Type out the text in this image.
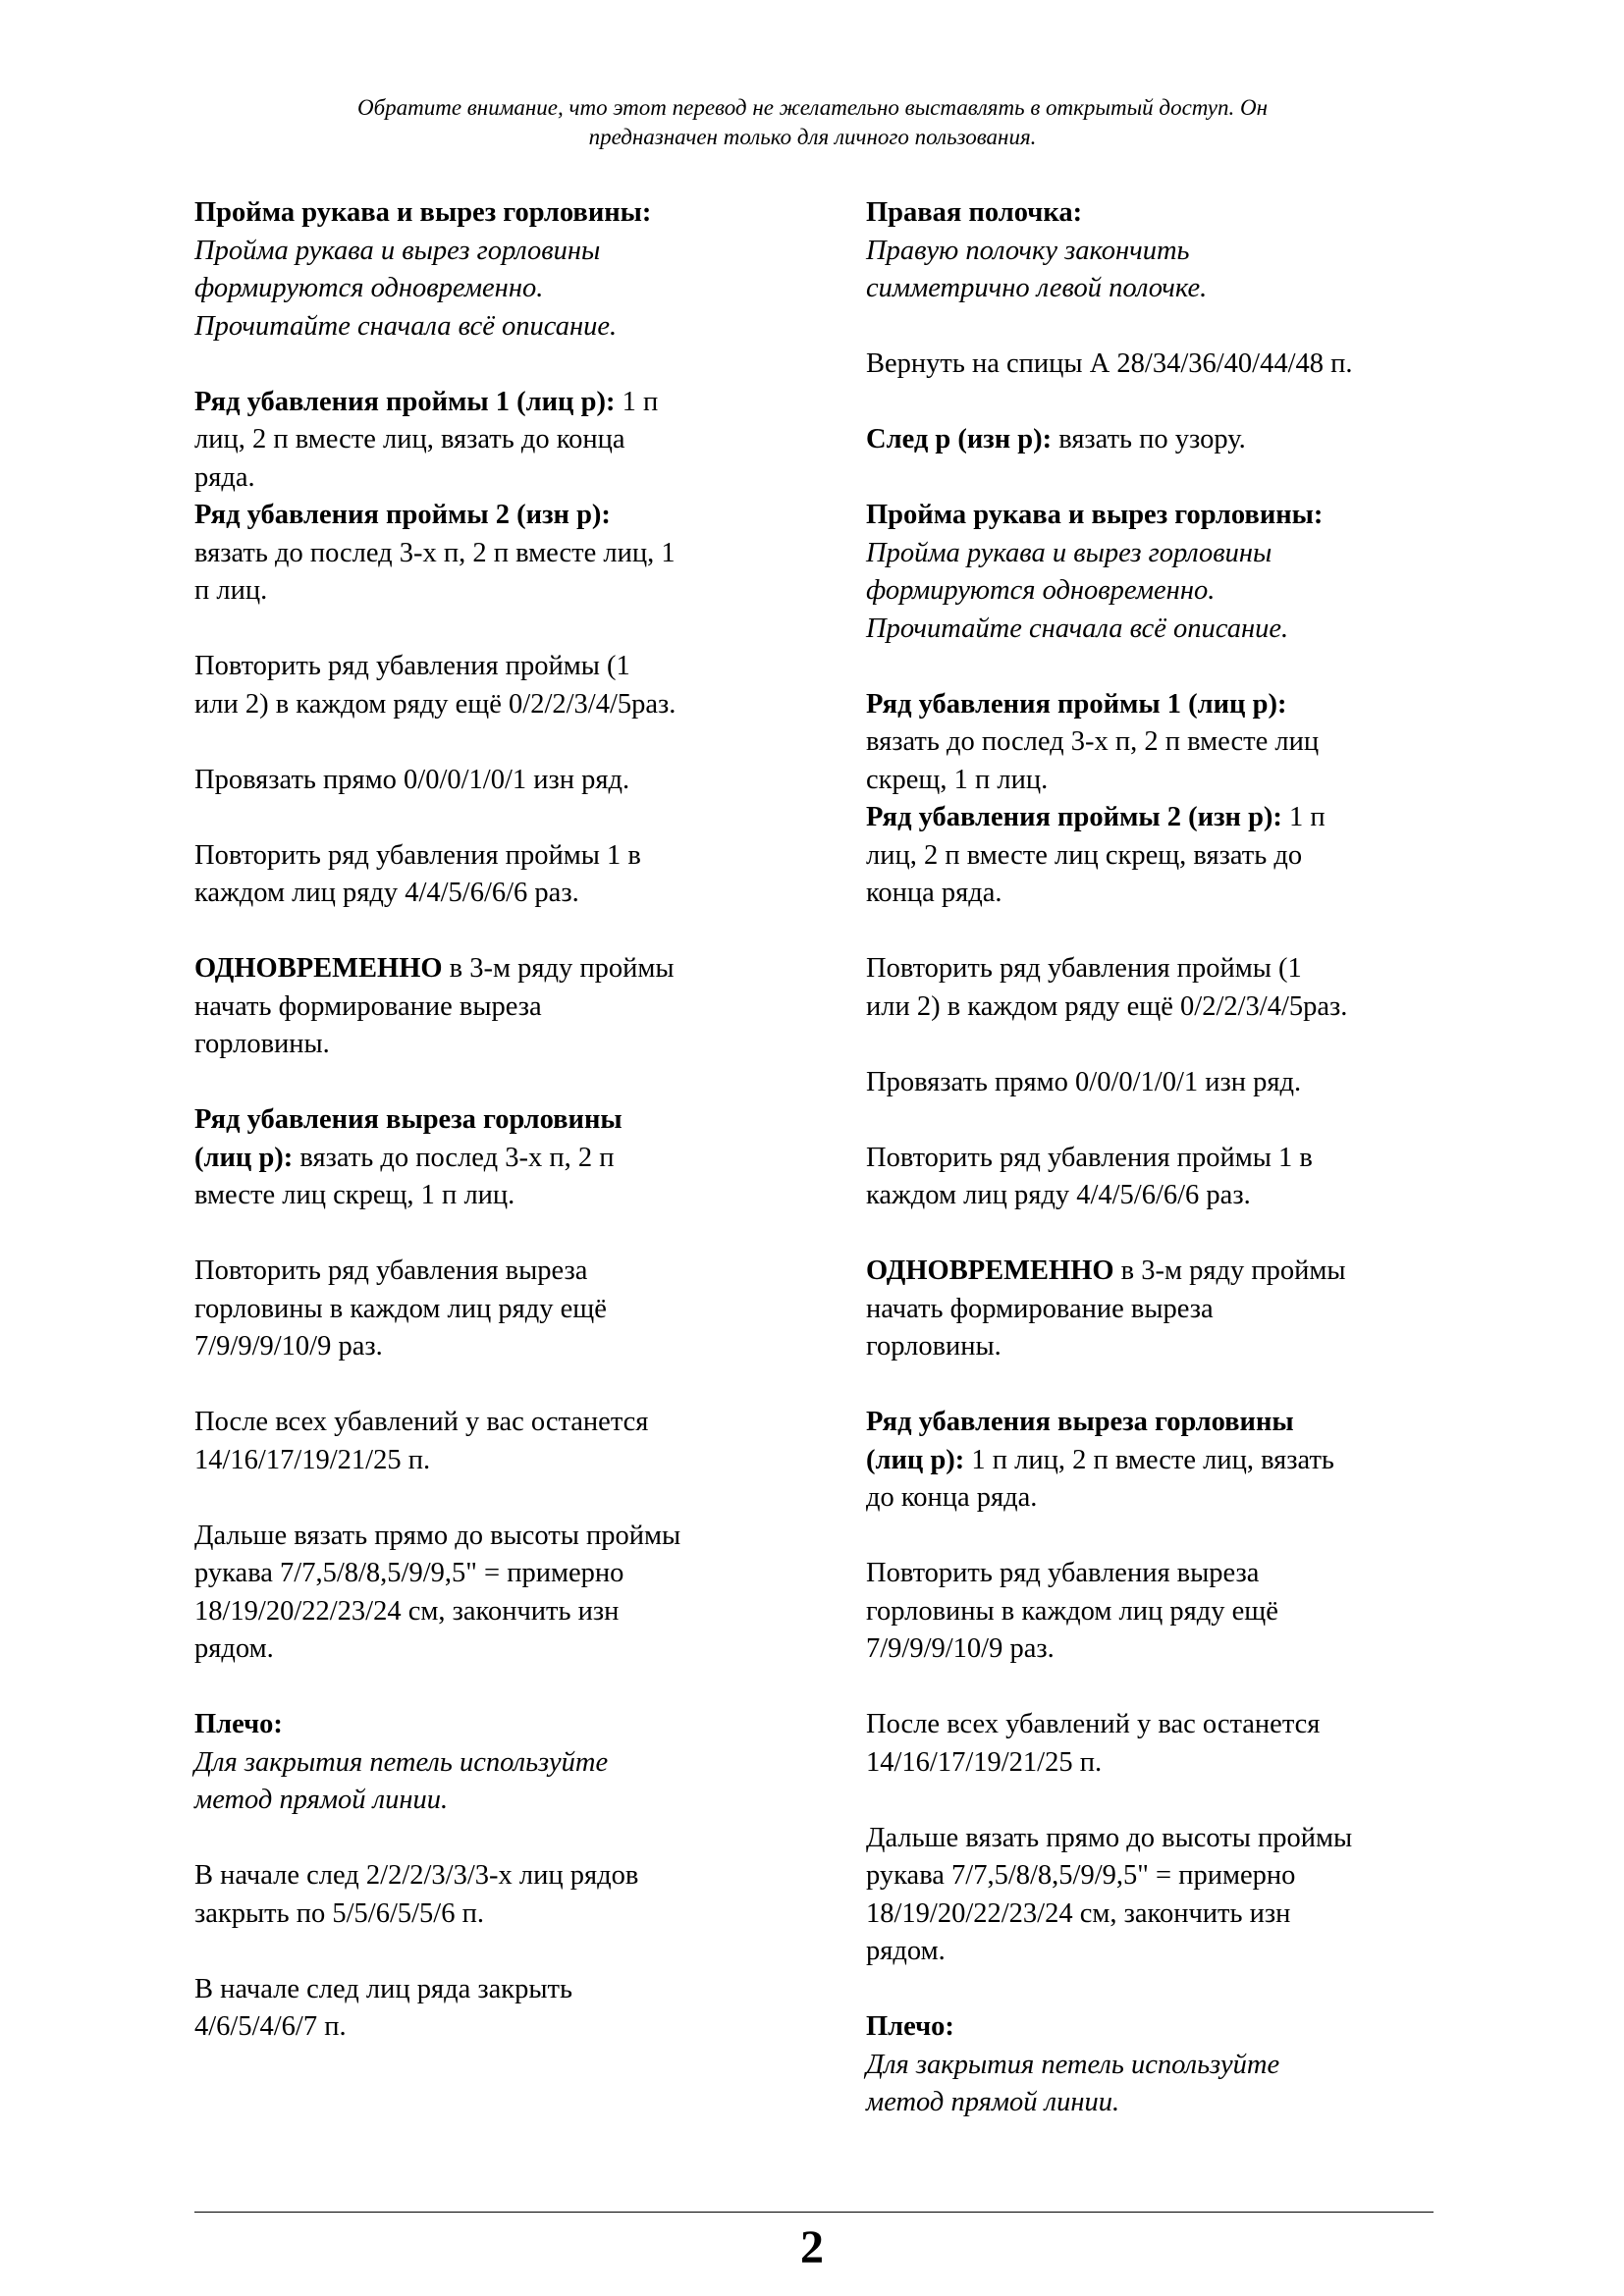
Обратите внимание, что этот перевод не желательно выставлять в открытый доступ. Он
предназначен только для личного пользования.
Пройма рукава и вырез горловины:
Пройма рукава и вырез горловины
формируются одновременно.
Прочитайте сначала всё описание.
Ряд убавления проймы 1 (лиц р): 1 п
лиц, 2 п вместе лиц, вязать до конца
ряда.
Ряд убавления проймы 2 (изн р):
вязать до послед 3-х п, 2 п вместе лиц, 1
п лиц.
Повторить ряд убавления проймы (1
или 2) в каждом ряду ещё 0/2/2/3/4/5раз.
Провязать прямо 0/0/0/1/0/1 изн ряд.
Повторить ряд убавления проймы 1 в
каждом лиц ряду 4/4/5/6/6/6 раз.
ОДНОВРЕМЕННО в 3-м ряду проймы
начать формирование выреза
горловины.
Ряд убавления выреза горловины
(лиц р): вязать до послед 3-х п, 2 п
вместе лиц скрещ, 1 п лиц.
Повторить ряд убавления выреза
горловины в каждом лиц ряду ещё
7/9/9/9/10/9 раз.
После всех убавлений у вас останется
14/16/17/19/21/25 п.
Дальше вязать прямо до высоты проймы
рукава 7/7,5/8/8,5/9/9,5" = примерно
18/19/20/22/23/24 см, закончить изн
рядом.
Плечо:
Для закрытия петель используйте
метод прямой линии.
В начале след 2/2/2/3/3/3-х лиц рядов
закрыть по 5/5/6/5/5/6 п.
В начале след лиц ряда закрыть
4/6/5/4/6/7 п.
Правая полочка:
Правую полочку закончить
симметрично левой полочке.
Вернуть на спицы А 28/34/36/40/44/48 п.
След р (изн р): вязать по узору.
Пройма рукава и вырез горловины:
Пройма рукава и вырез горловины
формируются одновременно.
Прочитайте сначала всё описание.
Ряд убавления проймы 1 (лиц р):
вязать до послед 3-х п, 2 п вместе лиц
скрещ, 1 п лиц.
Ряд убавления проймы 2 (изн р): 1 п
лиц, 2 п вместе лиц скрещ, вязать до
конца ряда.
Повторить ряд убавления проймы (1
или 2) в каждом ряду ещё 0/2/2/3/4/5раз.
Провязать прямо 0/0/0/1/0/1 изн ряд.
Повторить ряд убавления проймы 1 в
каждом лиц ряду 4/4/5/6/6/6 раз.
ОДНОВРЕМЕННО в 3-м ряду проймы
начать формирование выреза
горловины.
Ряд убавления выреза горловины
(лиц р): 1 п лиц, 2 п вместе лиц, вязать
до конца ряда.
Повторить ряд убавления выреза
горловины в каждом лиц ряду ещё
7/9/9/9/10/9 раз.
После всех убавлений у вас останется
14/16/17/19/21/25 п.
Дальше вязать прямо до высоты проймы
рукава 7/7,5/8/8,5/9/9,5" = примерно
18/19/20/22/23/24 см, закончить изн
рядом.
Плечо:
Для закрытия петель используйте
метод прямой линии.
2
